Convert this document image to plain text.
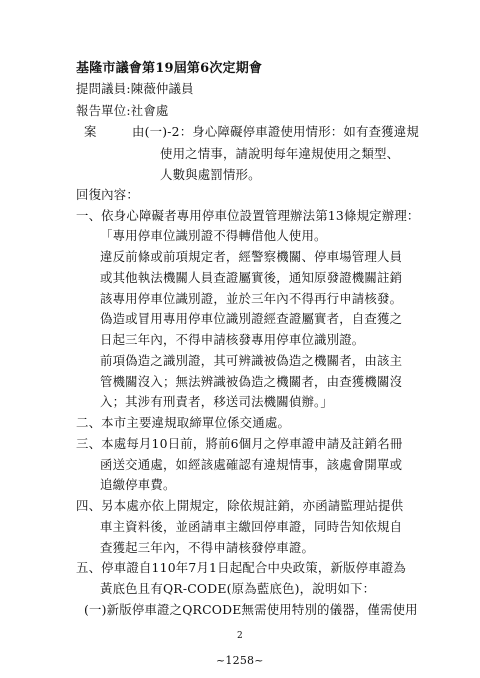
基隆市議會第19屆第6次定期會
提問議員:陳薇仲議員
報告單位:社會處
案	由(一)-2：身心障礙停車證使用情形：如有查獲違規
使用之情事，請說明每年違規使用之類型、
人數與處罰情形。
回復內容：
一、依身心障礙者專用停車位設置管理辦法第13條規定辦理：
「專用停車位識別證不得轉借他人使用。
違反前條或前項規定者，經警察機關、停車場管理人員
或其他執法機關人員查證屬實後，通知原發證機關註銷
該專用停車位識別證，並於三年內不得再行申請核發。
偽造或冒用專用停車位識別證經查證屬實者，自查獲之
日起三年內，不得申請核發專用停車位識別證。
前項偽造之識別證，其可辨識被偽造之機關者，由該主
管機關沒入；無法辨識被偽造之機關者，由查獲機關沒
入；其涉有刑責者，移送司法機關偵辦。」
二、本市主要違規取締單位係交通處。
三、本處每月10日前，將前6個月之停車證申請及註銷名冊
函送交通處，如經該處確認有違規情事，該處會開單或
追繳停車費。
四、另本處亦依上開規定，除依規註銷，亦函請監理站提供
車主資料後，並函請車主繳回停車證，同時告知依規自
查獲起三年內，不得申請核發停車證。
五、停車證自110年7月1日起配合中央政策，新版停車證為
黃底色且有QR-CODE(原為藍底色)，說明如下：
(一)新版停車證之QRCODE無需使用特別的儀器，僅需使用
2
~1258~
